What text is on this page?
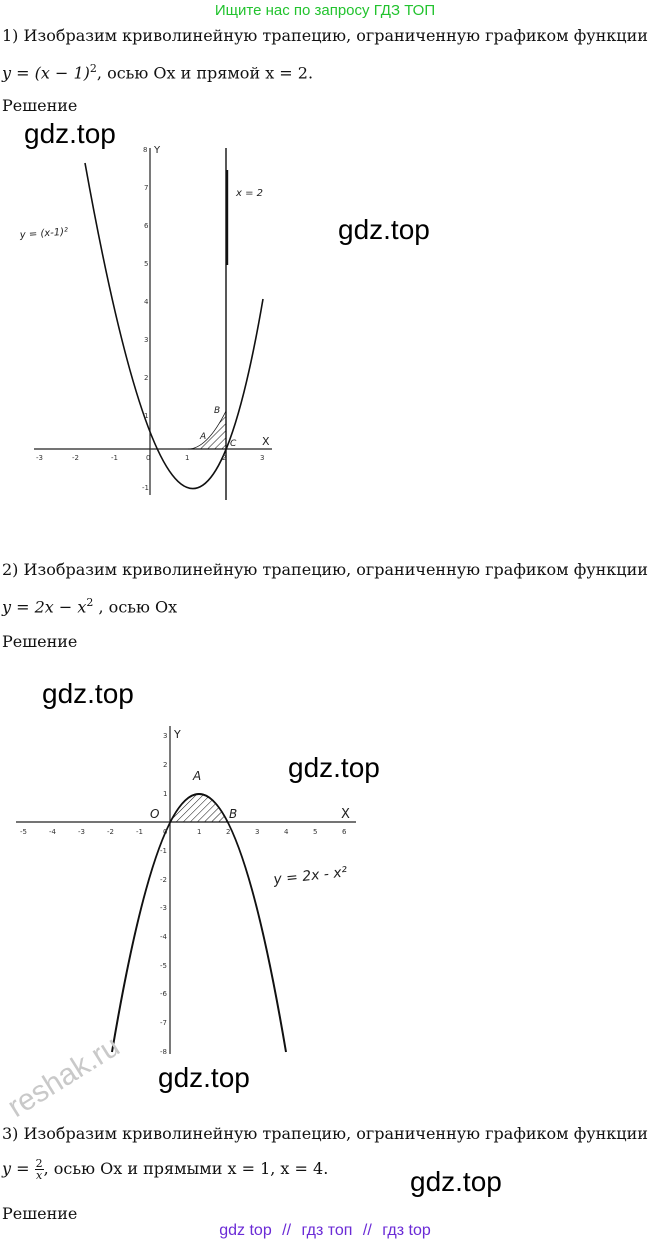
Ищите нас по запросу ГДЗ ТОП
1) Изобразим криволинейную трапецию, ограниченную графиком функции
$y = (x - 1)^2$, осью Ox и прямой x = 2.
Решение
gdz.top
gdz.top
-3	-2	-1	0	1	2	3
8
7
6
5
4
3
2
1
-1
Y
X
x = 2
y = (x-1)²
A
B
C
2) Изобразим криволинейную трапецию, ограниченную графиком функции
$y = 2x - x^2$ , осью Ox
Решение
gdz.top
gdz.top
-5	-4	-3	-2	-1	0	1	2	3	4	5	6
3
2
1
-1
-2
-3
-4
-5
-6
-7
-8
Y
X
O
A
B
y = 2x - x²
gdz.top
reshak.ru
3) Изобразим криволинейную трапецию, ограниченную графиком функции
$y = \frac{2}{x}$ , осью Ox и прямыми x = 1, x = 4.	gdz.top
Решение
gdz top // гдз топ // гдз top
